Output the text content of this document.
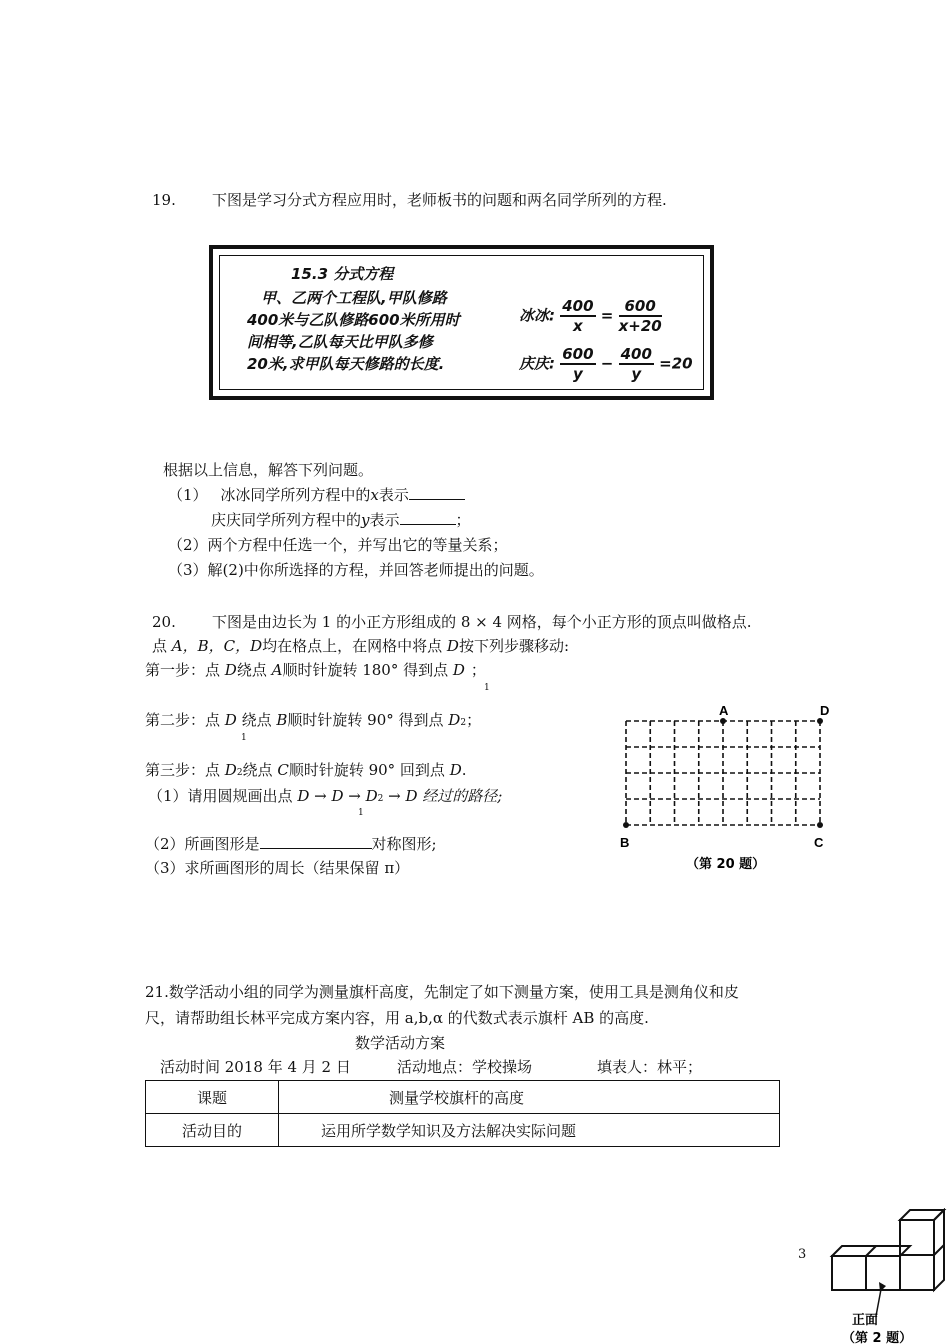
19. 下图是学习分式方程应用时，老师板书的问题和两名同学所列的方程.
15.3 分式方程
甲、乙两个工程队,甲队修路
400米与乙队修路600米所用时
间相等,乙队每天比甲队多修
20米,求甲队每天修路的长度.
冰冰: $\frac{400}{x} = \frac{600}{x+20}$
庆庆: $\frac{600}{y} - \frac{400}{y} =20$
根据以上信息，解答下列问题。
（1） 冰冰同学所列方程中的x表示
庆庆同学所列方程中的y表示	；
（2）两个方程中任选一个，并写出它的等量关系；
（3）解(2)中你所选择的方程，并回答老师提出的问题。
20. 下图是由边长为 1 的小正方形组成的 8 × 4 网格，每个小正方形的顶点叫做格点.
点 A，B，C，D均在格点上，在网格中将点 D按下列步骤移动:
第一步：点 D绕点 A顺时针旋转 180° 得到点 D ；
1
第二步：点 D 绕点 B顺时针旋转 90° 得到点 D2；
1
第三步：点 D2绕点 C顺时针旋转 90° 回到点 D.
（1）请用圆规画出点 D → D → D2 → D 经过的路径;
1
（2）所画图形是	对称图形;
（3）求所画图形的周长（结果保留 π）
A	D
B	C
（第 20 题）
21.数学活动小组的同学为测量旗杆高度，先制定了如下测量方案，使用工具是测角仪和皮
尺，请帮助组长林平完成方案内容，用 a,b,α 的代数式表示旗杆 AB 的高度.
数学活动方案
活动时间 2018 年 4 月 2 日	活动地点：学校操场	填表人：林平；
课题	测量学校旗杆的高度
活动目的	运用所学数学知识及方法解决实际问题
3
正面
（第 2 题）
